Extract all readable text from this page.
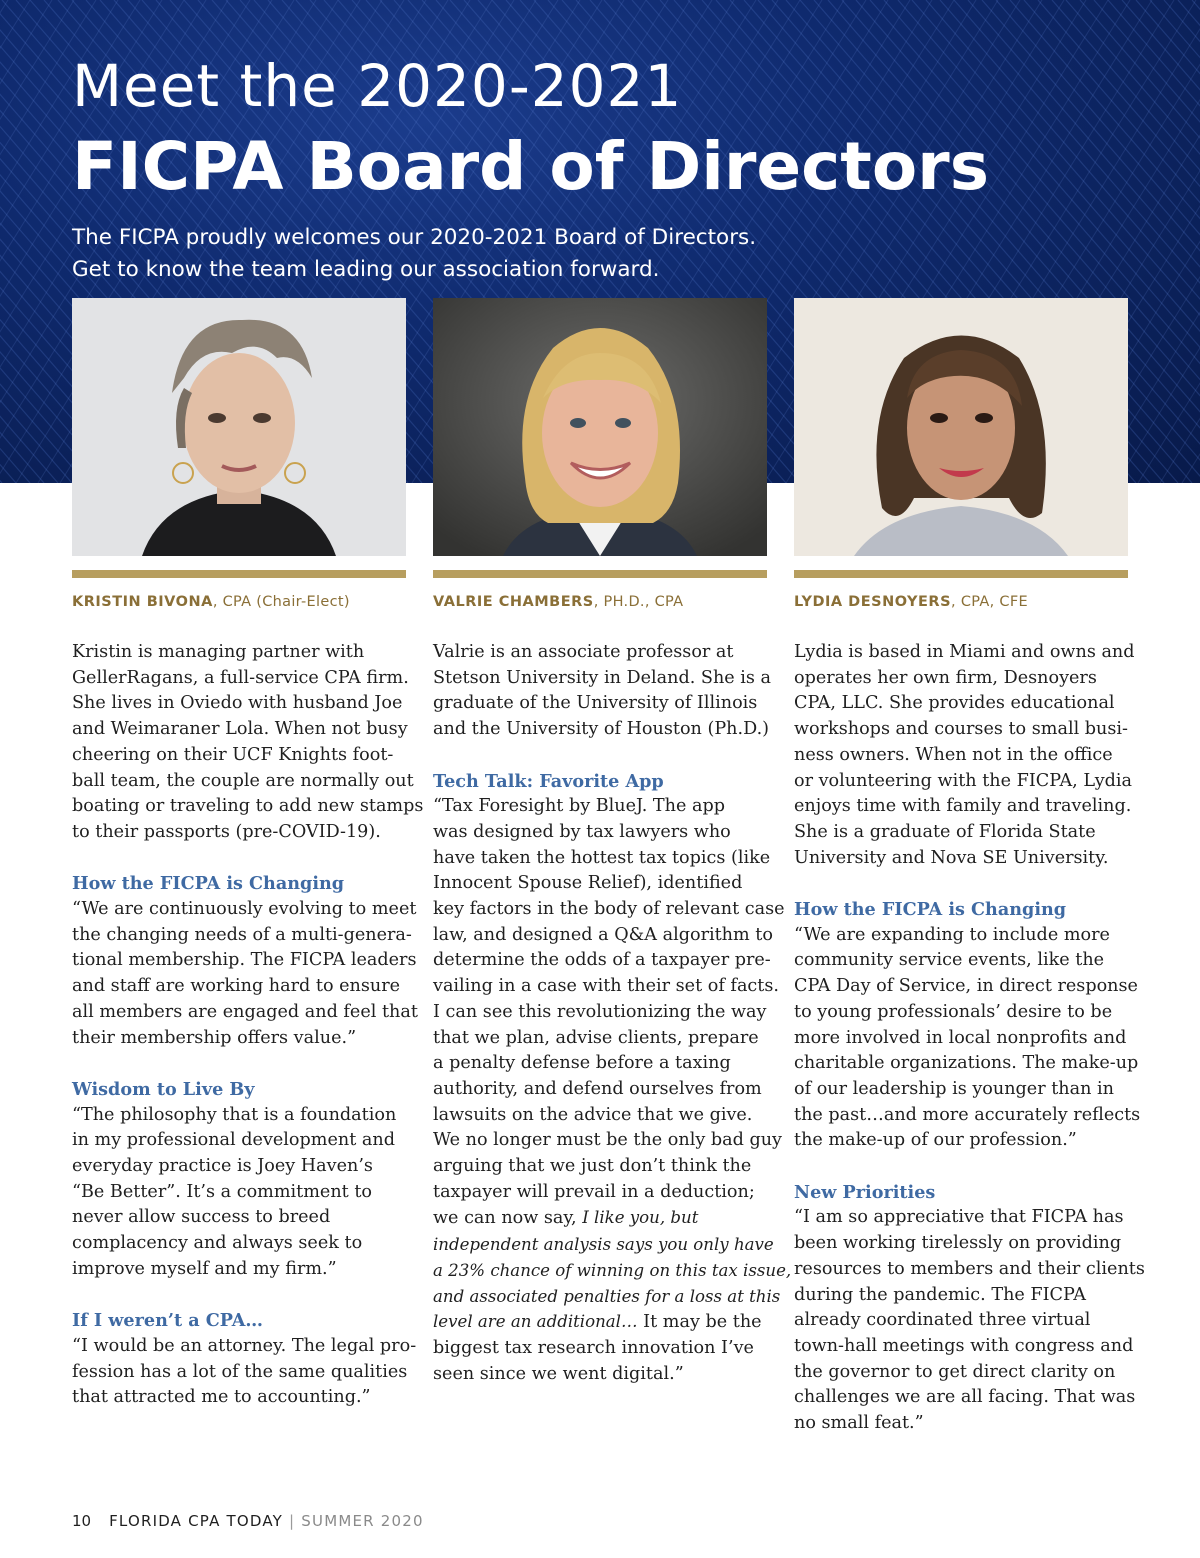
Meet the 2020-2021
FICPA Board of Directors
The FICPA proudly welcomes our 2020-2021 Board of Directors.
Get to know the team leading our association forward.
KRISTIN BIVONA, CPA (Chair-Elect)	VALRIE CHAMBERS, PH.D., CPA	LYDIA DESNOYERS, CPA, CFE

Kristin is managing partner with
GellerRagans, a full-service CPA firm.
She lives in Oviedo with husband Joe
and Weimaraner Lola. When not busy
cheering on their UCF Knights foot-
ball team, the couple are normally out
boating or traveling to add new stamps
to their passports (pre-COVID-19).

How the FICPA is Changing

“We are continuously evolving to meet
the changing needs of a multi-genera-
tional membership. The FICPA leaders
and staff are working hard to ensure
all members are engaged and feel that
their membership offers value.”

Wisdom to Live By

“The philosophy that is a foundation
in my professional development and
everyday practice is Joey Haven’s
“Be Better”. It’s a commitment to
never allow success to breed
complacency and always seek to
improve myself and my firm.”

If I weren’t a CPA…

“I would be an attorney. The legal pro-
fession has a lot of the same qualities
that attracted me to accounting.”

Valrie is an associate professor at
Stetson University in Deland. She is a
graduate of the University of Illinois
and the University of Houston (Ph.D.)

Tech Talk: Favorite App

“Tax Foresight by BlueJ. The app
was designed by tax lawyers who
have taken the hottest tax topics (like
Innocent Spouse Relief), identified
key factors in the body of relevant case
law, and designed a Q&A algorithm to
determine the odds of a taxpayer pre-
vailing in a case with their set of facts.
I can see this revolutionizing the way
that we plan, advise clients, prepare
a penalty defense before a taxing
authority, and defend ourselves from
lawsuits on the advice that we give.
We no longer must be the only bad guy
arguing that we just don’t think the
taxpayer will prevail in a deduction;
we can now say, I like you, but
independent analysis says you only have
a 23% chance of winning on this tax issue,
and associated penalties for a loss at this
level are an additional… It may be the
biggest tax research innovation I’ve
seen since we went digital.”

Lydia is based in Miami and owns and
operates her own firm, Desnoyers
CPA, LLC. She provides educational
workshops and courses to small busi-
ness owners. When not in the office
or volunteering with the FICPA, Lydia
enjoys time with family and traveling.
She is a graduate of Florida State
University and Nova SE University.

How the FICPA is Changing

“We are expanding to include more
community service events, like the
CPA Day of Service, in direct response
to young professionals’ desire to be
more involved in local nonprofits and
charitable organizations. The make-up
of our leadership is younger than in
the past…and more accurately reflects
the make-up of our profession.”

New Priorities

“I am so appreciative that FICPA has
been working tirelessly on providing
resources to members and their clients
during the pandemic. The FICPA
already coordinated three virtual
town-hall meetings with congress and
the governor to get direct clarity on
challenges we are all facing. That was
no small feat.”

10 FLORIDA CPA TODAY | SUMMER 2020
